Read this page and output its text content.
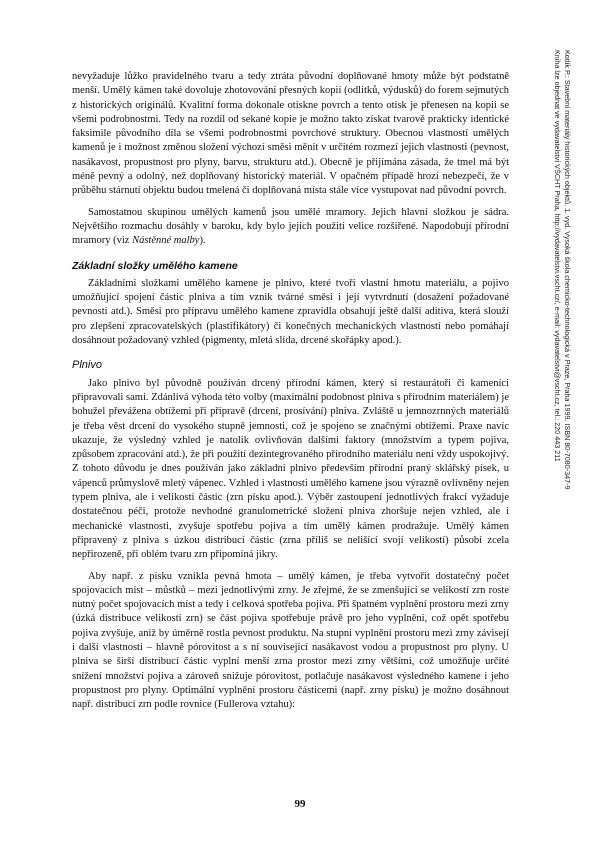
Kotlík P.: Stavební materiály historických objektů. 1. vyd. Vysoká škola chemicko-technologická v Praze, Praha 1999. ISBN 80-7080-347-9
Kniha lze objednat ve vydavatelství VŠCHT Praha, http://vydavatelstvi.vscht.cz/, e-mail: vydavatelstvi@vscht.cz, tel.: 220 443 211

nevyžaduje lůžko pravidelného tvaru a tedy ztráta původní doplňované hmoty může být podstatně menší. Umělý kámen také dovoluje zhotovování přesných kopií (odlitků, výdusků) do forem sejmutých z historických originálů. Kvalitní forma dokonale otiskne povrch a tento otisk je přenesen na kopii se všemi podrobnostmi. Tedy na rozdíl od sekané kopie je možno takto získat tvarově prakticky identické faksimile původního díla se všemi podrobnostmi povrchové struktury. Obecnou vlastností umělých kamenů je i možnost změnou složení výchozí směsi měnit v určitém rozmezí jejich vlastnosti (pevnost, nasákavost, propustnost pro plyny, barvu, strukturu atd.). Obecně je přijímána zásada, že tmel má být méně pevný a odolný, než doplňovaný historický materiál. V opačném případě hrozí nebezpečí, že v průběhu stárnutí objektu budou tmelená či doplňovaná místa stále více vystupovat nad původní povrch.

Samostatnou skupinou umělých kamenů jsou umělé mramory. Jejich hlavní složkou je sádra. Největšího rozmachu dosáhly v baroku, kdy bylo jejich použití velice rozšířené. Napodobují přírodní mramory (viz Nástěnné malby).

Základní složky umělého kamene

Základními složkami umělého kamene je plnivo, které tvoří vlastní hmotu materiálu, a pojivo umožňující spojení částic plniva a tím vznik tvárné směsi i její vytvrdnutí (dosažení požadované pevnosti atd.). Směsi pro přípravu umělého kamene zpravidla obsahují ještě další aditiva, která slouží pro zlepšení zpracovatelských (plastifikátory) či konečných mechanických vlastností nebo pomáhají dosáhnout požadovaný vzhled (pigmenty, mletá slída, drcené skořápky apod.).

Plnivo

Jako plnivo byl původně používán drcený přírodní kámen, který si restaurátoři či kameníci připravovali sami. Zdánlivá výhoda této volby (maximální podobnost plniva s přírodním materiálem) je bohužel převážena obtížemi při přípravě (drcení, prosívání) plniva. Zvláště u jemnozrnných materiálů je třeba věst drcení do vysokého stupně jemnosti, což je spojeno se značnými obtížemi. Praxe navíc ukazuje, že výsledný vzhled je natolik ovlivňován dalšími faktory (množstvím a typem pojiva, způsobem zpracování atd.), že při použití dezintegrovaného přírodního materiálu není vždy uspokojivý. Z tohoto důvodu je dnes používán jako základní plnivo především přírodní praný sklářský písek, u vápenců průmyslově mletý vápenec. Vzhled i vlastnosti umělého kamene jsou výrazně ovlivněny nejen typem plniva, ale i velikostí částic (zrn písku apod.). Výběr zastoupení jednotlivých frakcí vyžaduje dostatečnou péči, protože nevhodné granulometrické složení plniva zhoršuje nejen vzhled, ale i mechanické vlastnosti, zvyšuje spotřebu pojiva a tím umělý kámen prodražuje. Umělý kámen připravený z plniva s úzkou distribucí částic (zrna příliš se nelišící svojí velikostí) působí zcela nepřirozeně, při oblém tvaru zrn připomíná jikry.

Aby např. z písku vznikla pevná hmota – umělý kámen, je třeba vytvořit dostatečný počet spojovacích míst – můstků – mezi jednotlivými zrny. Je zřejmé, že se zmenšující se velikostí zrn roste nutný počet spojovacích míst a tedy i celková spotřeba pojiva. Při špatném vyplnění prostoru mezi zrny (úzká distribuce velikostí zrn) se část pojiva spotřebuje právě pro jeho vyplnění, což opět spotřebu pojiva zvyšuje, aniž by úměrně rostla pevnost produktu. Na stupni vyplnění prostoru mezi zrny závisejí i další vlastnosti – hlavně pórovitost a s ní související nasákavost vodou a propustnost pro plyny. U plniva se širší distribucí částic vyplní menší zrna prostor mezi zrny většími, což umožňuje určité snížení množství pojiva a zároveň snižuje pórovitost, potlačuje nasákavost výsledného kamene i jeho propustnost pro plyny. Optimální vyplnění prostoru částicemi (např. zrny písku) je možno dosáhnout např. distribucí zrn podle rovnice (Fullerova vztahu):

99
